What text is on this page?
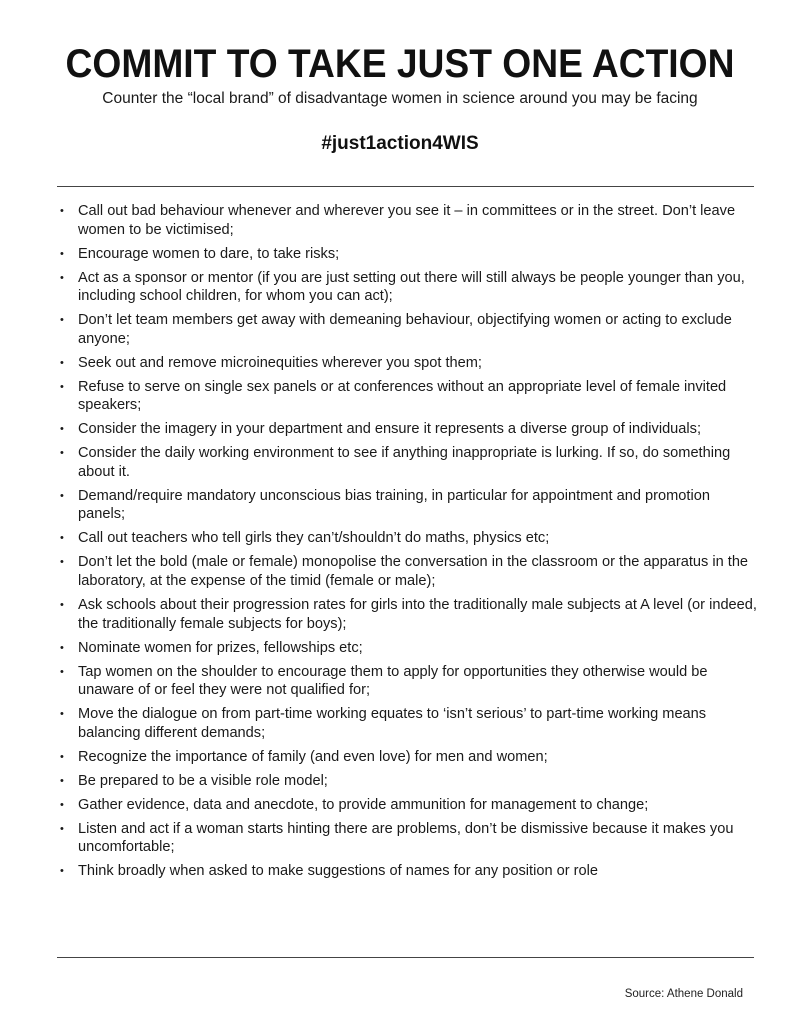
COMMIT TO TAKE JUST ONE ACTION
Counter the “local brand” of disadvantage women in science around you may be facing
#just1action4WIS
• Call out bad behaviour whenever and wherever you see it – in committees or in the street. Don’t leave women to be victimised;
• Encourage women to dare, to take risks;
• Act as a sponsor or mentor (if you are just setting out there will still always be people younger than you, including school children, for whom you can act);
• Don’t let team members get away with demeaning behaviour, objectifying women or acting to exclude anyone;
• Seek out and remove microinequities wherever you spot them;
• Refuse to serve on single sex panels or at conferences without an appropriate level of female invited speakers;
• Consider the imagery in your department and ensure it represents a diverse group of individuals;
• Consider the daily working environment to see if anything inappropriate is lurking. If so, do something about it.
• Demand/require mandatory unconscious bias training, in particular for appointment and promotion panels;
• Call out teachers who tell girls they can’t/shouldn’t do maths, physics etc;
• Don’t let the bold (male or female) monopolise the conversation in the classroom or the apparatus in the laboratory, at the expense of the timid (female or male);
• Ask schools about their progression rates for girls into the traditionally male subjects at A level (or indeed, the traditionally female subjects for boys);
• Nominate women for prizes, fellowships etc;
• Tap women on the shoulder to encourage them to apply for opportunities they otherwise would be unaware of or feel they were not qualified for;
• Move the dialogue on from part-time working equates to ‘isn’t serious’ to part-time working means balancing different demands;
• Recognize the importance of family (and even love) for men and women;
• Be prepared to be a visible role model;
• Gather evidence, data and anecdote, to provide ammunition for management to change;
• Listen and act if a woman starts hinting there are problems, don’t be dismissive because it makes you uncomfortable;
• Think broadly when asked to make suggestions of names for any position or role
Source: Athene Donald
